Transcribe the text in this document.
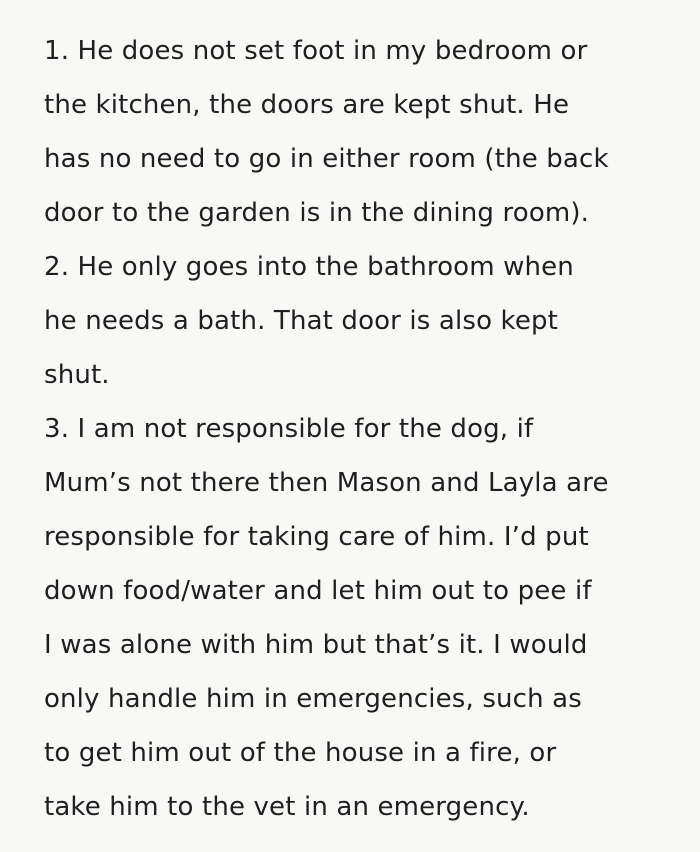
1. He does not set foot in my bedroom or
the kitchen, the doors are kept shut. He
has no need to go in either room (the back
door to the garden is in the dining room).
2. He only goes into the bathroom when
he needs a bath. That door is also kept
shut.
3. I am not responsible for the dog, if
Mum’s not there then Mason and Layla are
responsible for taking care of him. I’d put
down food/water and let him out to pee if
I was alone with him but that’s it. I would
only handle him in emergencies, such as
to get him out of the house in a fire, or
take him to the vet in an emergency.
